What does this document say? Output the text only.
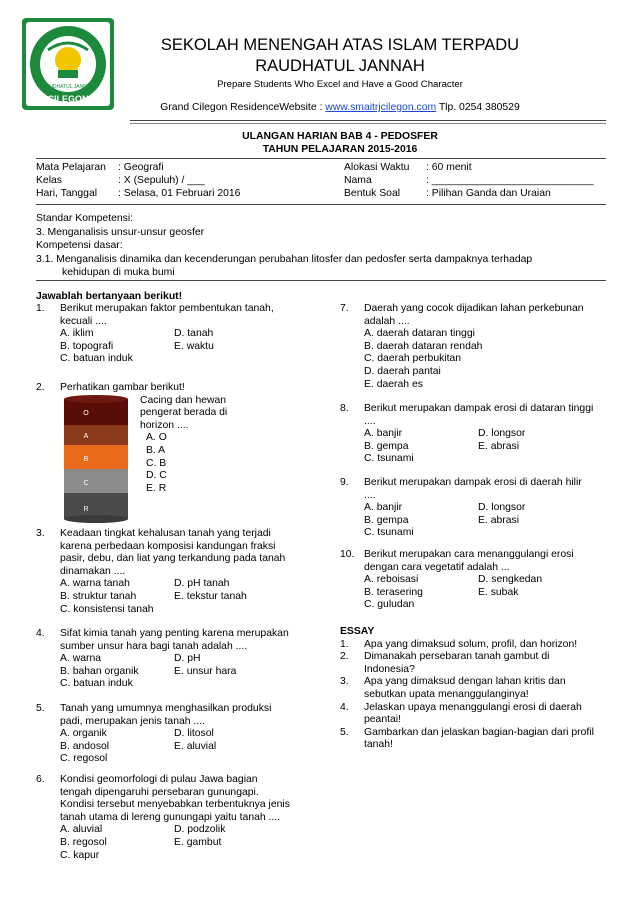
CILEGON
RAUDHATUL JANNAH
SEKOLAH MENENGAH ATAS ISLAM TERPADU
RAUDHATUL JANNAH
Prepare Students Who Excel and Have a Good Character
Grand Cilegon ResidenceWebsite : www.smaitrjcilegon.com Tlp. 0254 380529
ULANGAN HARIAN BAB 4 - PEDOSFER
TAHUN PELAJARAN 2015-2016
Mata Pelajaran : Geografi
Kelas	: X (Sepuluh) / ___
Hari, Tanggal : Selasa, 01 Februari 2016
Alokasi Waktu : 60 menit
Nama	: ____________________________
Bentuk Soal : Pilihan Ganda dan Uraian
Standar Kompetensi:
3. Menganalisis unsur-unsur geosfer
Kompetensi dasar:
3.1. Menganalisis dinamika dan kecenderungan perubahan litosfer dan pedosfer serta dampaknya terhadap
kehidupan di muka bumi
Jawablah bertanyaan berikut!
1. Berikut merupakan faktor pembentukan tanah,
kecuali ....
A. iklim	D. tanah
B. topografi	E. waktu
C. batuan induk
2. Perhatikan gambar berikut!
Cacing dan hewan
pengerat berada di
horizon ....
A. O
B. A
C. B
D. C
E. R
3. Keadaan tingkat kehalusan tanah yang terjadi
karena perbedaan komposisi kandungan fraksi
pasir, debu, dan liat yang terkandung pada tanah
dinamakan ....
A. warna tanah	D. pH tanah
B. struktur tanah	E. tekstur tanah
C. konsistensi tanah
4. Sifat kimia tanah yang penting karena merupakan
sumber unsur hara bagi tanah adalah ....
A. warna	D. pH
B. bahan organik	E. unsur hara
C. batuan induk
5. Tanah yang umumnya menghasilkan produksi
padi, merupakan jenis tanah ....
A. organik	D. litosol
B. andosol	E. aluvial
C. regosol
6. Kondisi geomorfologi di pulau Jawa bagian
tengah dipengaruhi persebaran gunungapi.
Kondisi tersebut menyebabkan terbentuknya jenis
tanah utama di lereng gunungapi yaitu tanah ....
A. aluvial	D. podzolik
B. regosol	E. gambut
C. kapur
O
A
B
C
R
7. Daerah yang cocok dijadikan lahan perkebunan
adalah ....
A. daerah dataran tinggi
B. daerah dataran rendah
C. daerah perbukitan
D. daerah pantai
E. daerah es
8. Berikut merupakan dampak erosi di dataran tinggi
....
A. banjir	D. longsor
B. gempa	E. abrasi
C. tsunami
9. Berikut merupakan dampak erosi di daerah hilir
....
A. banjir	D. longsor
B. gempa	E. abrasi
C. tsunami
10. Berikut merupakan cara menanggulangi erosi
dengan cara vegetatif adalah ...
A. reboisasi	D. sengkedan
B. terasering	E. subak
C. guludan
ESSAY
1. Apa yang dimaksud solum, profil, dan horizon!
2. Dimanakah persebaran tanah gambut di
Indonesia?
3. Apa yang dimaksud dengan lahan kritis dan
sebutkan upata menanggulanginya!
4. Jelaskan upaya menanggulangi erosi di daerah
peantai!
5. Gambarkan dan jelaskan bagian-bagian dari profil
tanah!
